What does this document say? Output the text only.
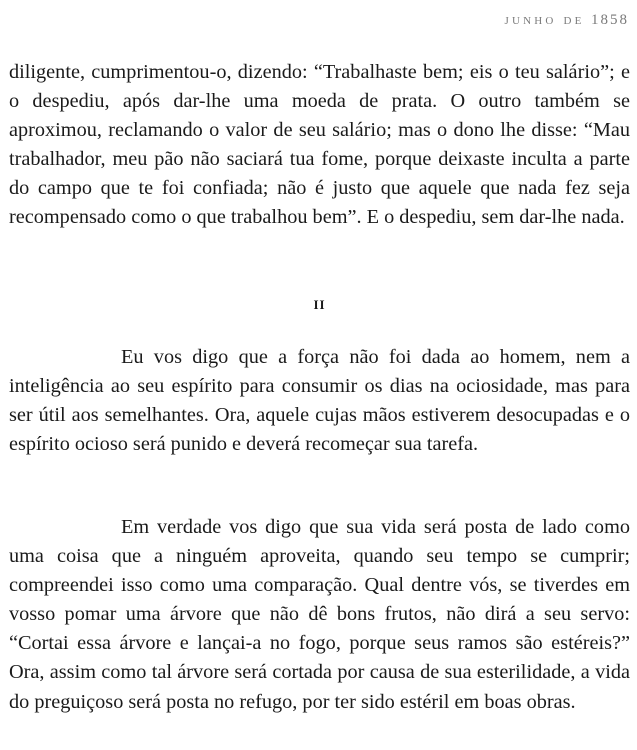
junho de 1858

diligente, cumprimentou-o, dizendo: “Trabalhaste bem; eis o teu salário”; e o despediu, após dar-lhe uma moeda de prata. O outro também se aproximou, reclamando o valor de seu salário; mas o dono lhe disse: “Mau trabalhador, meu pão não saciará tua fome, porque deixaste inculta a parte do campo que te foi confiada; não é justo que aquele que nada fez seja recompensado como o que trabalhou bem”. E o despediu, sem dar-lhe nada.

II

Eu vos digo que a força não foi dada ao homem, nem a inteligência ao seu espírito para consumir os dias na ociosidade, mas para ser útil aos semelhantes. Ora, aquele cujas mãos estiverem desocupadas e o espírito ocioso será punido e deverá recomeçar sua tarefa.

Em verdade vos digo que sua vida será posta de lado como uma coisa que a ninguém aproveita, quando seu tempo se cumprir; compreendei isso como uma comparação. Qual dentre vós, se tiverdes em vosso pomar uma árvore que não dê bons frutos, não dirá a seu servo: “Cortai essa árvore e lançai-a no fogo, porque seus ramos são estéreis?” Ora, assim como tal árvore será cortada por causa de sua esterilidade, a vida do preguiçoso será posta no refugo, por ter sido estéril em boas obras.
